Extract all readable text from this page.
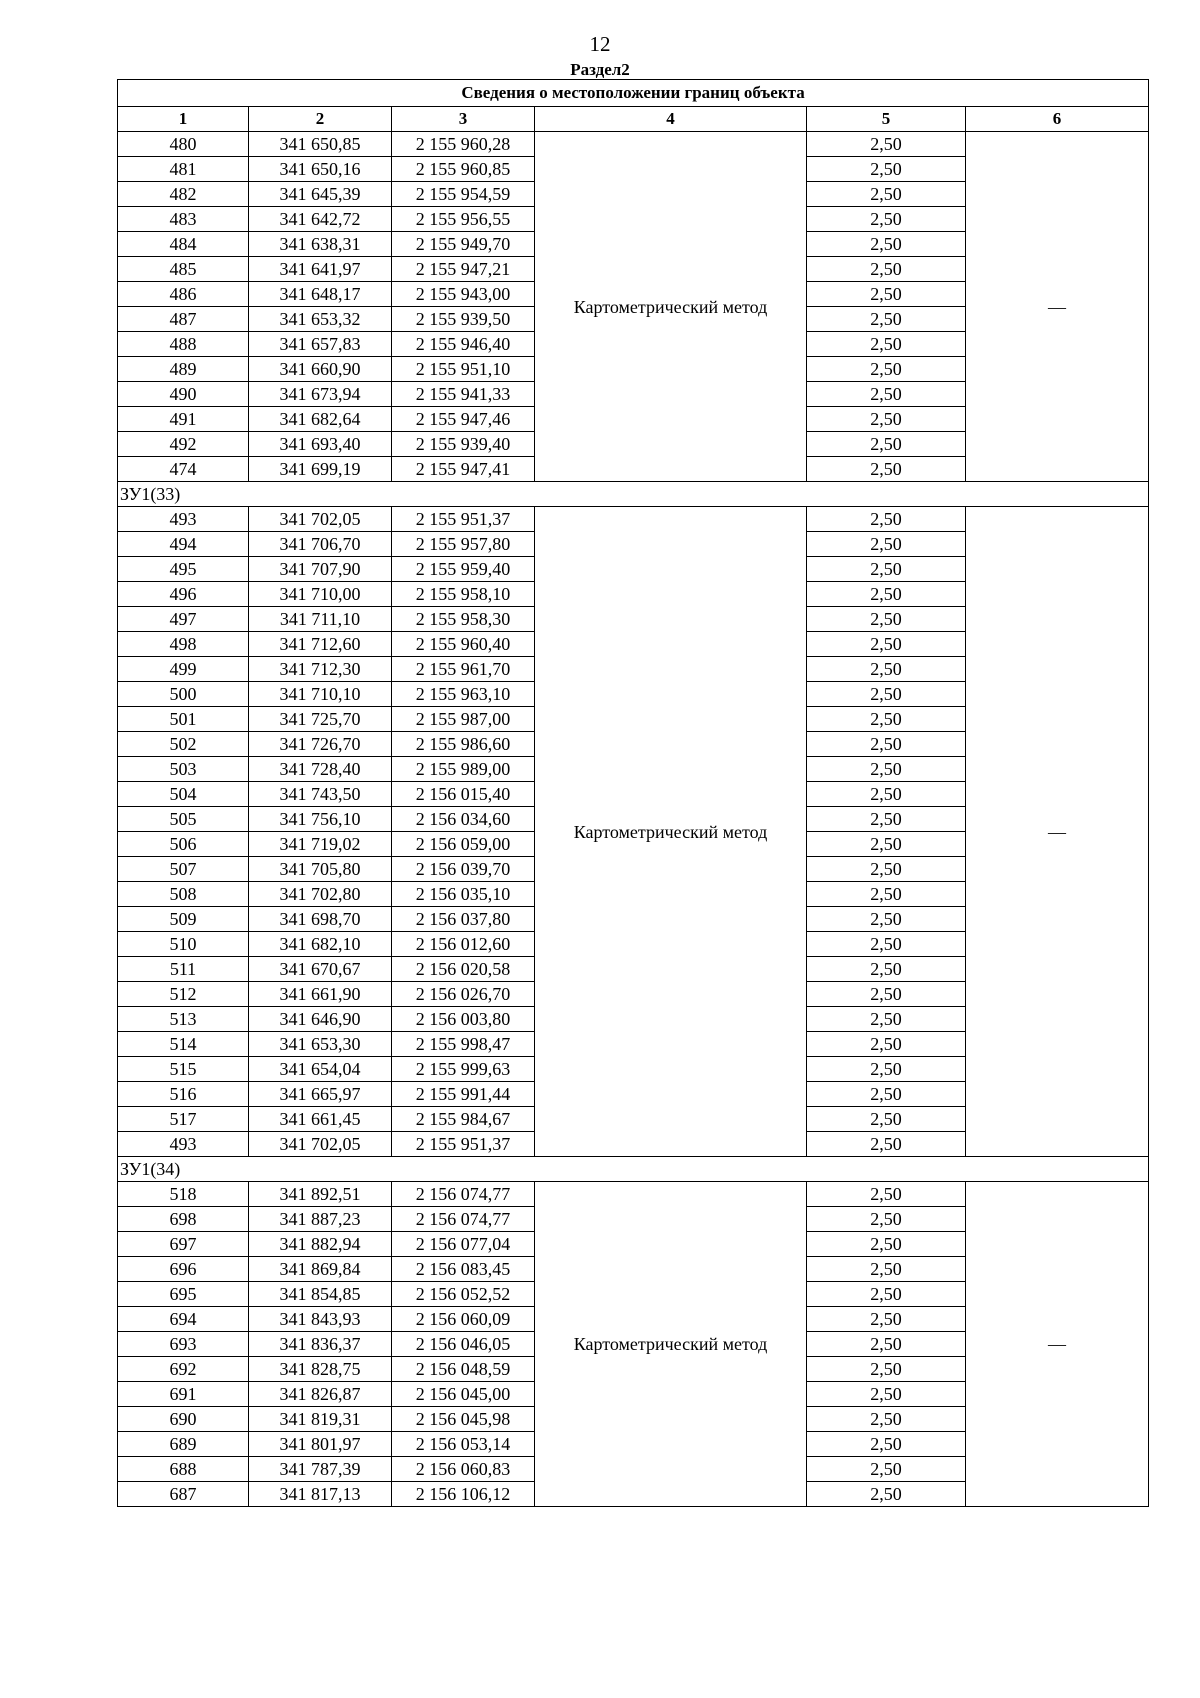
12
Раздел2
Сведения о местоположении границ объекта					
1	2	3	4	5	6
480	341 650,85	2 155 960,28	Картометрический метод	2,50	—
481	341 650,16	2 155 960,85		2,50	
482	341 645,39	2 155 954,59		2,50	
483	341 642,72	2 155 956,55		2,50	
484	341 638,31	2 155 949,70		2,50	
485	341 641,97	2 155 947,21		2,50	
486	341 648,17	2 155 943,00		2,50	
487	341 653,32	2 155 939,50		2,50	
488	341 657,83	2 155 946,40		2,50	
489	341 660,90	2 155 951,10		2,50	
490	341 673,94	2 155 941,33		2,50	
491	341 682,64	2 155 947,46		2,50	
492	341 693,40	2 155 939,40		2,50	
474	341 699,19	2 155 947,41		2,50	
ЗУ1(33)					
493	341 702,05	2 155 951,37	Картометрический метод	2,50	—
494	341 706,70	2 155 957,80		2,50	
495	341 707,90	2 155 959,40		2,50	
496	341 710,00	2 155 958,10		2,50	
497	341 711,10	2 155 958,30		2,50	
498	341 712,60	2 155 960,40		2,50	
499	341 712,30	2 155 961,70		2,50	
500	341 710,10	2 155 963,10		2,50	
501	341 725,70	2 155 987,00		2,50	
502	341 726,70	2 155 986,60		2,50	
503	341 728,40	2 155 989,00		2,50	
504	341 743,50	2 156 015,40		2,50	
505	341 756,10	2 156 034,60		2,50	
506	341 719,02	2 156 059,00		2,50	
507	341 705,80	2 156 039,70		2,50	
508	341 702,80	2 156 035,10		2,50	
509	341 698,70	2 156 037,80		2,50	
510	341 682,10	2 156 012,60		2,50	
511	341 670,67	2 156 020,58		2,50	
512	341 661,90	2 156 026,70		2,50	
513	341 646,90	2 156 003,80		2,50	
514	341 653,30	2 155 998,47		2,50	
515	341 654,04	2 155 999,63		2,50	
516	341 665,97	2 155 991,44		2,50	
517	341 661,45	2 155 984,67		2,50	
493	341 702,05	2 155 951,37		2,50	
ЗУ1(34)					
518	341 892,51	2 156 074,77	Картометрический метод	2,50	—
698	341 887,23	2 156 074,77		2,50	
697	341 882,94	2 156 077,04		2,50	
696	341 869,84	2 156 083,45		2,50	
695	341 854,85	2 156 052,52		2,50	
694	341 843,93	2 156 060,09		2,50	
693	341 836,37	2 156 046,05		2,50	
692	341 828,75	2 156 048,59		2,50	
691	341 826,87	2 156 045,00		2,50	
690	341 819,31	2 156 045,98		2,50	
689	341 801,97	2 156 053,14		2,50	
688	341 787,39	2 156 060,83		2,50	
687	341 817,13	2 156 106,12		2,50	
